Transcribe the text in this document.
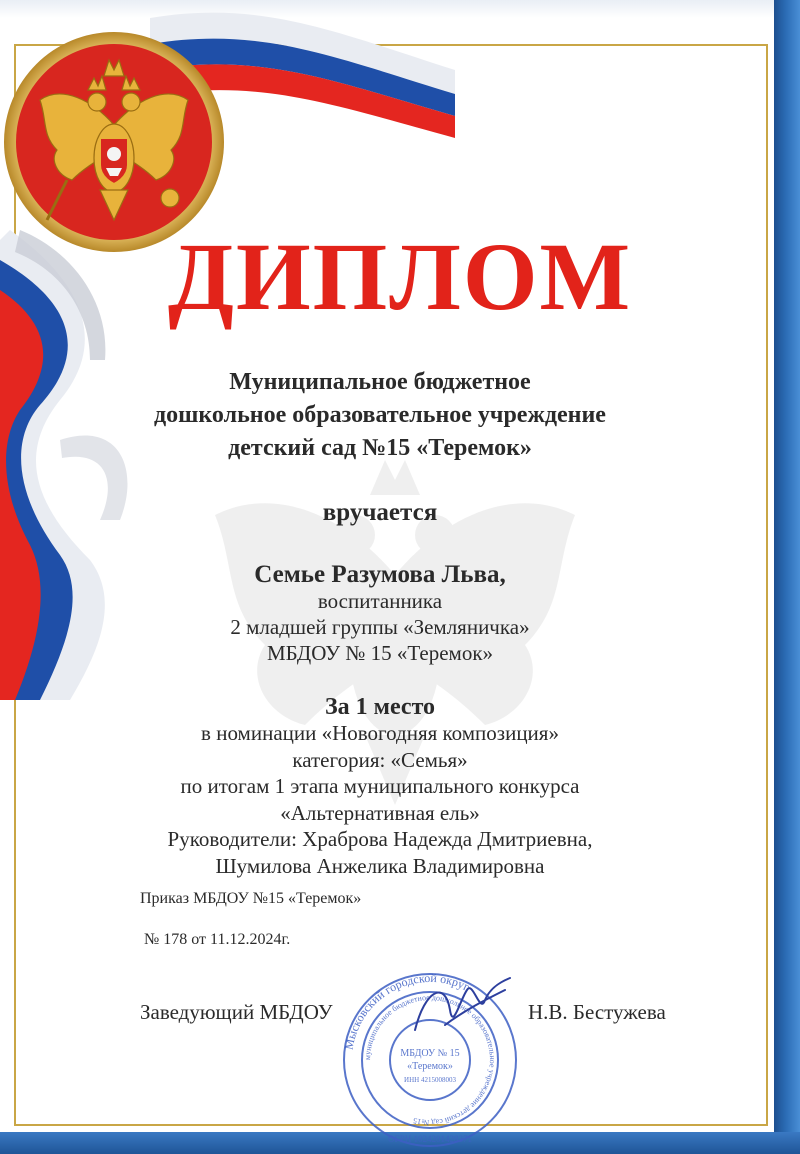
ДИПЛОМ
Муниципальное бюджетное
дошкольное образовательное учреждение
детский сад №15 «Теремок»
вручается
Семье Разумова Льва,
воспитанника
2 младшей группы «Земляничка»
МБДОУ № 15 «Теремок»
За 1 место
в номинации «Новогодняя композиция»
категория: «Семья»
по итогам 1 этапа муниципального конкурса
«Альтернативная ель»
Руководители: Храброва Надежда Дмитриевна,
Шумилова Анжелика Владимировна
Приказ МБДОУ №15 «Теремок»
№ 178 от 11.12.2024г.
Заведующий МБДОУ	Н.В. Бестужева
Мысковский городской округ
муниципальное бюджетное дошкольное образовательное учреждение детский сад №15
МБДОУ № 15
«Теремок»
ИНН 4215008003
ОГРН 1024201428371
